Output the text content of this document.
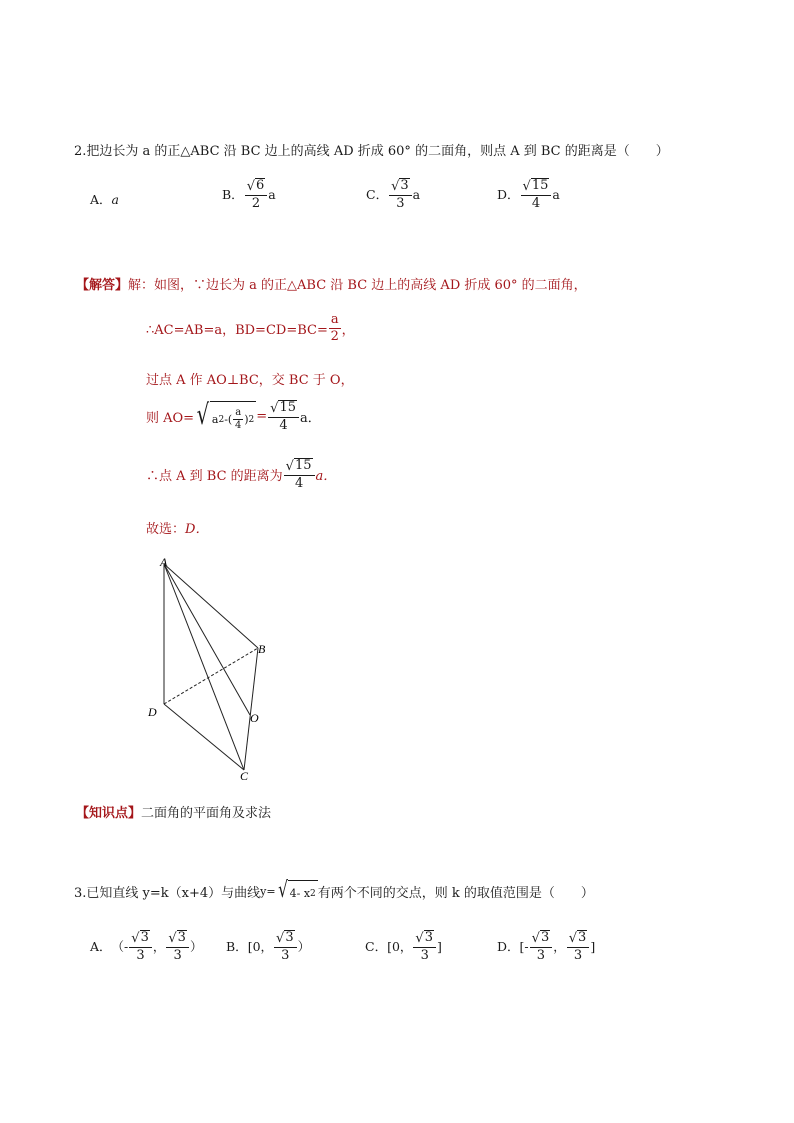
2.把边长为 a 的正△ABC 沿 BC 边上的高线 AD 折成 60° 的二面角，则点 A 到 BC 的距离是（　　）
A．a	B． $\frac{√ 6}{2}$ a	C． $\frac{√ 3}{3}$ a	D． $\frac{√ 15}{4}$ a
【解答】解：如图，∵边长为 a 的正△ABC 沿 BC 边上的高线 AD 折成 60° 的二面角，
∴AC=AB=a，$BD=CD=BC= \frac{a}{2}$ ，
过点 A 作 AO⊥BC，交 BC 于 O，
则 AO= √ a 2 -( $\frac{a}{4}$ ) $2 = \frac{√ 15}{4}$ a．
∴点 A 到 BC 的距离为 $\frac{√ 15}{4}$ a．
故选：D．
A
B
C
D	O
【知识点】二面角的平面角及求法
3.已知直线 y=k（x+4）与曲线 y= √ 4- x 2 有两个不同的交点，则 k 的取值范围是（　　）
A． （- $\frac{√ 3}{3}$ ， $\frac{√ 3}{3}$ ） B． [0， $\frac{√ 3}{3}$ ）	C． [0， $\frac{√ 3}{3}$ ]	D． [- $\frac{√ 3}{3}$ ， $\frac{√ 3}{3}$ ]
